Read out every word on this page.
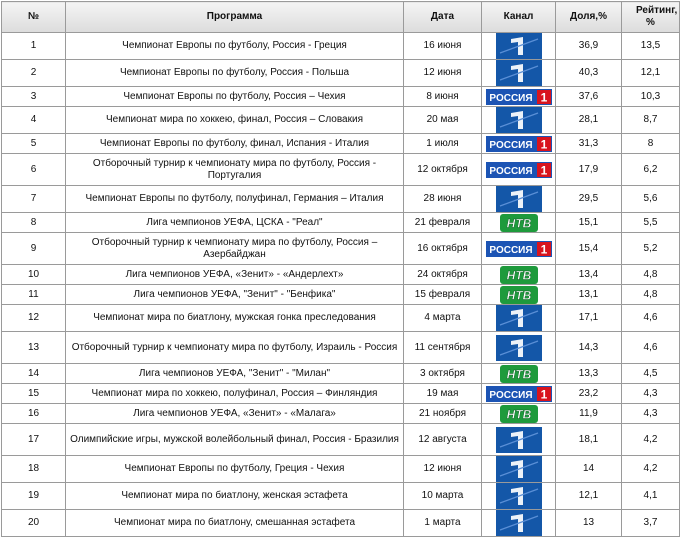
№	Программа	Дата	Канал	Доля,%	Рейтинг, %
1	Чемпионат Европы по футболу, Россия - Греция	16 июня		36,9	13,5
2	Чемпионат Европы по футболу, Россия - Польша	12 июня		40,3	12,1
3	Чемпионат Европы по футболу, Россия – Чехия	8 июня	РОССИЯ 1	37,6	10,3
4	Чемпионат мира по хоккею, финал, Россия – Словакия	20 мая		28,1	8,7
5	Чемпионат Европы по футболу, финал, Испания - Италия	1 июля	РОССИЯ 1	31,3	8
6	Отборочный турнир к чемпионату мира по футболу, Россия - Португалия	12 октября	РОССИЯ 1	17,9	6,2
7	Чемпионат Европы по футболу, полуфинал, Германия – Италия	28 июня		29,5	5,6
8	Лига чемпионов УЕФА, ЦСКА - "Реал"	21 февраля	НТВ	15,1	5,5
9	Отборочный турнир к чемпионату мира по футболу, Россия – Азербайджан	16 октября	РОССИЯ 1	15,4	5,2
10	Лига чемпионов УЕФА, «Зенит» - «Андерлехт»	24 октября	НТВ	13,4	4,8
11	Лига чемпионов УЕФА, "Зенит" - "Бенфика"	15 февраля	НТВ	13,1	4,8
12	Чемпионат мира по биатлону, мужская гонка преследования	4 марта		17,1	4,6
13	Отборочный турнир к чемпионату мира по футболу, Израиль - Россия	11 сентября		14,3	4,6
14	Лига чемпионов УЕФА, "Зенит" - "Милан"	3 октября	НТВ	13,3	4,5
15	Чемпионат мира по хоккею, полуфинал, Россия – Финляндия	19 мая	РОССИЯ 1	23,2	4,3
16	Лига чемпионов УЕФА, «Зенит» - «Малага»	21 ноября	НТВ	11,9	4,3
17	Олимпийские игры, мужской волейбольный финал, Россия - Бразилия	12 августа		18,1	4,2
18	Чемпионат Европы по футболу, Греция - Чехия	12 июня		14	4,2
19	Чемпионат мира по биатлону, женская эстафета	10 марта		12,1	4,1
20	Чемпионат мира по биатлону, смешанная эстафета	1 марта		13	3,7
